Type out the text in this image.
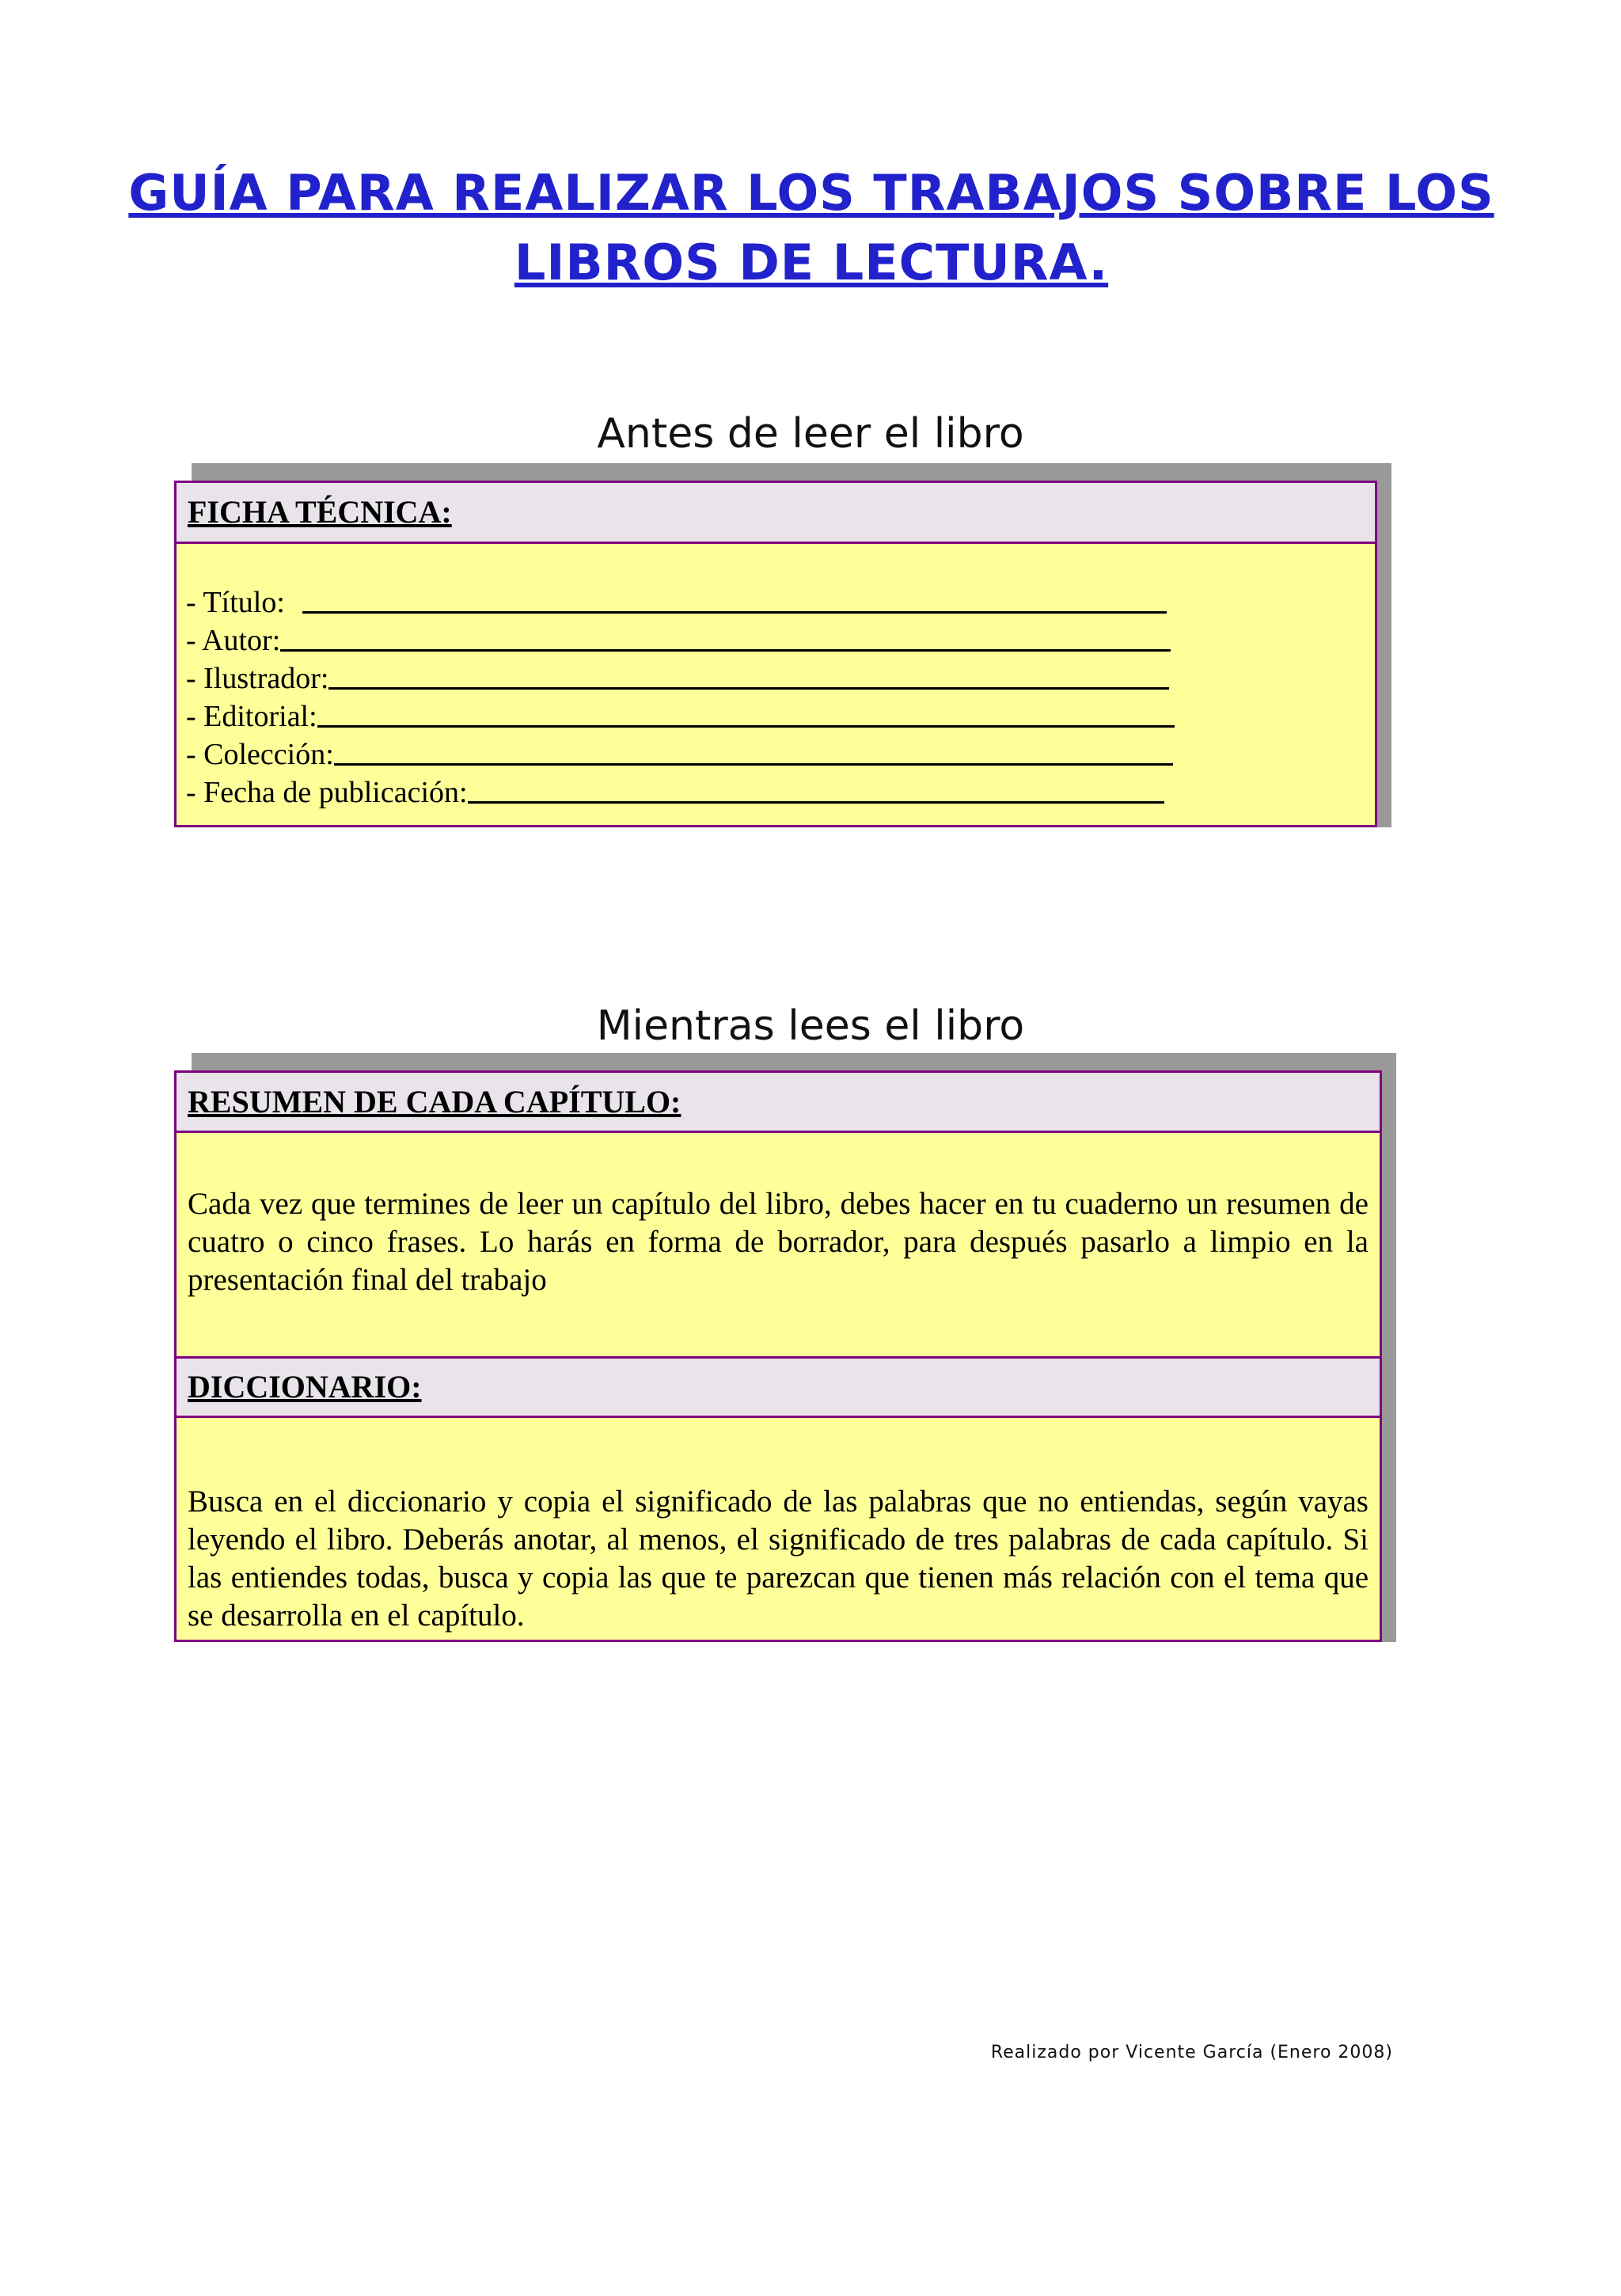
GUÍA PARA REALIZAR LOS TRABAJOS SOBRE LOS
LIBROS DE LECTURA.
Antes de leer el libro
FICHA TÉCNICA:
- Título:
- Autor:
- Ilustrador:
- Editorial:
- Colección:
- Fecha de publicación:
Mientras lees el libro
RESUMEN DE CADA CAPÍTULO:
Cada vez que termines de leer un capítulo del libro, debes hacer en tu cuaderno un resumen de cuatro o cinco frases. Lo harás en forma de borrador, para después pasarlo a limpio en la presentación final del trabajo
DICCIONARIO:
Busca en el diccionario y copia el significado de las palabras que no entiendas, según vayas leyendo el libro. Deberás anotar, al menos, el significado de tres palabras de cada capítulo. Si las entiendes todas, busca y copia las que te parezcan que tienen más relación con el tema que se desarrolla en el capítulo.
Realizado por Vicente García (Enero 2008)
